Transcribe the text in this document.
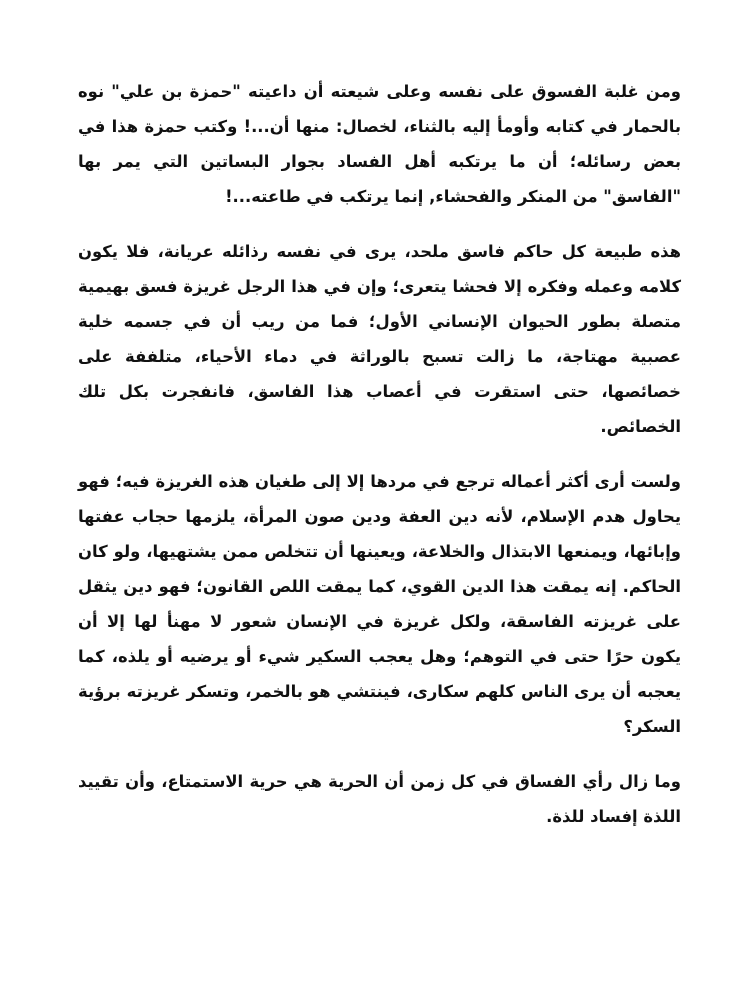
ومن غلبة الفسوق على نفسه وعلى شيعته أن داعيته "حمزة بن علي" نوه بالحمار في كتابه وأومأ إليه بالثناء، لخصال: منها أن...! وكتب حمزة هذا في بعض رسائله؛ أن ما يرتكبه أهل الفساد بجوار البساتين التي يمر بها "الفاسق" من المنكر والفحشاء, إنما يرتكب في طاعته...!

هذه طبيعة كل حاكم فاسق ملحد، يرى في نفسه رذائله عريانة، فلا يكون كلامه وعمله وفكره إلا فحشا يتعرى؛ وإن في هذا الرجل غريزة فسق بهيمية متصلة بطور الحيوان الإنساني الأول؛ فما من ريب أن في جسمه خلية عصبية مهتاجة، ما زالت تسبح بالوراثة في دماء الأحياء، متلففة على خصائصها، حتى استقرت في أعصاب هذا الفاسق، فانفجرت بكل تلك الخصائص.

ولست أرى أكثر أعماله ترجع في مردها إلا إلى طغيان هذه الغريزة فيه؛ فهو يحاول هدم الإسلام، لأنه دين العفة ودين صون المرأة، يلزمها حجاب عفتها وإبائها، ويمنعها الابتذال والخلاعة، ويعينها أن تتخلص ممن يشتهيها، ولو كان الحاكم. إنه يمقت هذا الدين القوي، كما يمقت اللص القانون؛ فهو دين يثقل على غريزته الفاسقة، ولكل غريزة في الإنسان شعور لا مهنأ لها إلا أن يكون حرًا حتى في التوهم؛ وهل يعجب السكير شيء أو يرضيه أو يلذه، كما يعجبه أن يرى الناس كلهم سكارى، فينتشي هو بالخمر، وتسكر غريزته برؤية السكر؟

وما زال رأي الفساق في كل زمن أن الحرية هي حرية الاستمتاع، وأن تقييد اللذة إفساد للذة.
